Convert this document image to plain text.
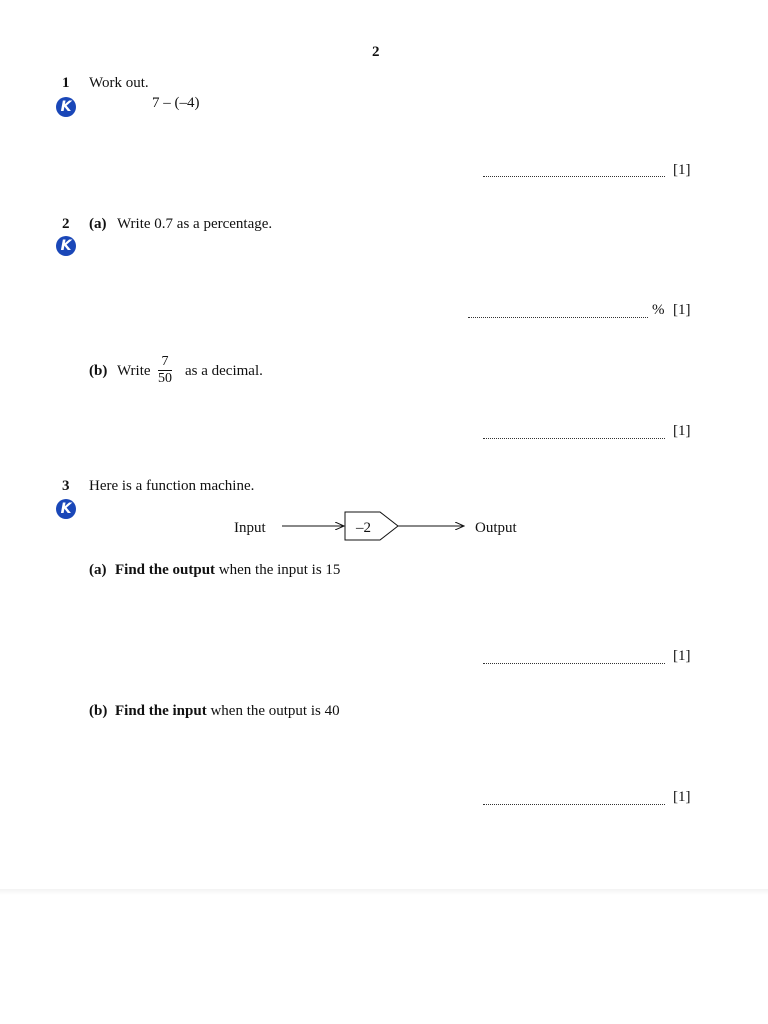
2
1 Work out.
K	7 – (–4)
[1]
2 (a) Write 0.7 as a percentage.
K
% [1]
(b) Write
7
50 as a decimal.
[1]
3 Here is a function machine.
K
Input	–2	Output
(a) Find the output when the input is 15
[1]
(b) Find the input when the output is 40
[1]
